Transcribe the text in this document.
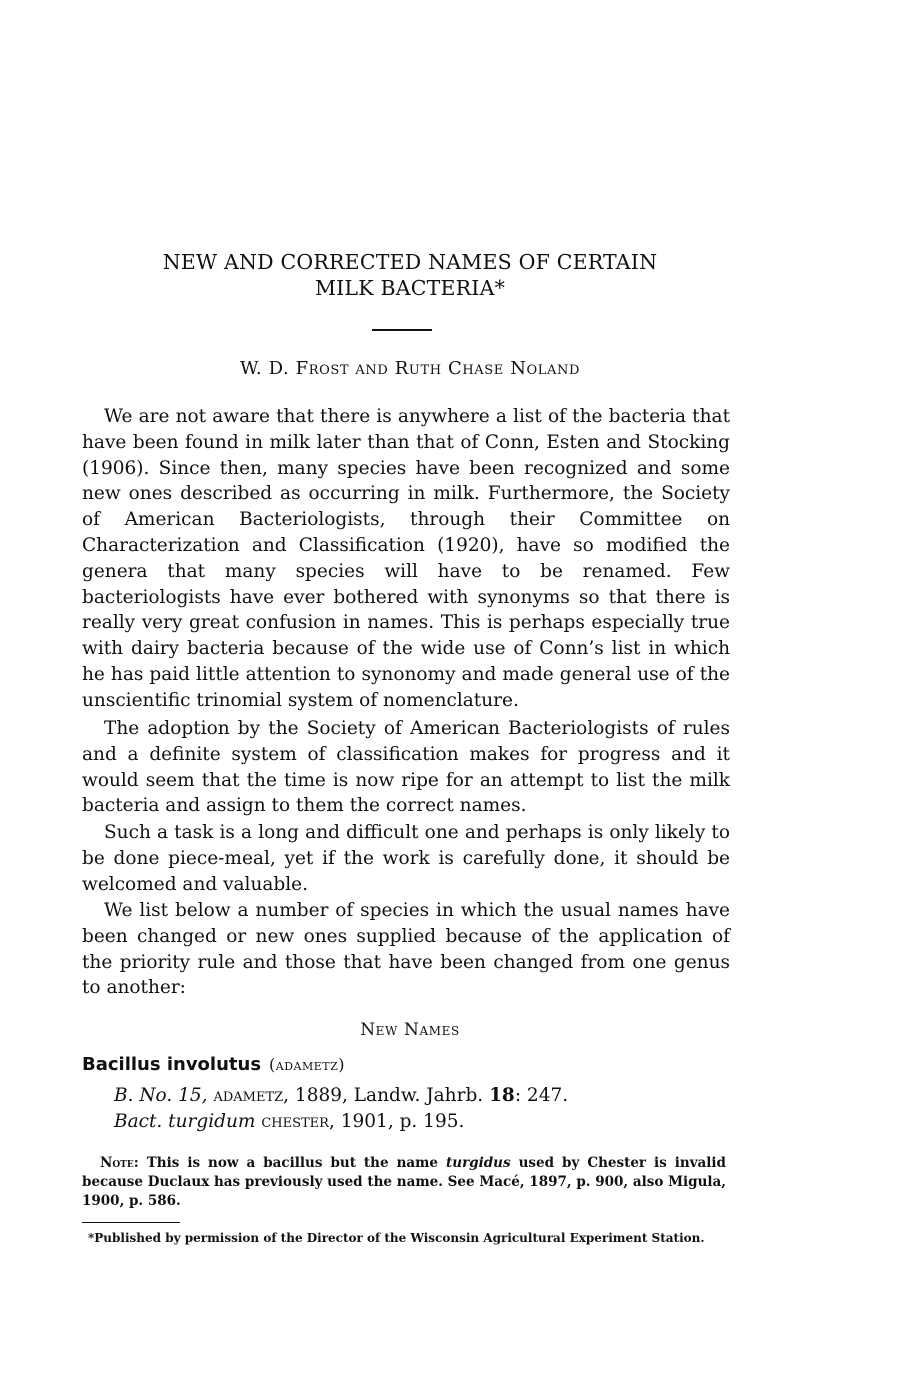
NEW AND CORRECTED NAMES OF CERTAIN
MILK BACTERIA*
W. D. Frost and Ruth Chase Noland

We are not aware that there is anywhere a list of the bacteria that have been found in milk later than that of Conn, Esten and Stocking (1906). Since then, many species have been recognized and some new ones described as occurring in milk. Furthermore, the Society of American Bacteriologists, through their Committee on Characterization and Classification (1920), have so modified the genera that many species will have to be renamed. Few bacteriologists have ever bothered with synonyms so that there is really very great confusion in names. This is perhaps especially true with dairy bacteria because of the wide use of Conn’s list in which he has paid little attention to synonomy and made general use of the unscientific trinomial system of nomenclature.

The adoption by the Society of American Bacteriologists of rules and a definite system of classification makes for progress and it would seem that the time is now ripe for an attempt to list the milk bacteria and assign to them the correct names.

Such a task is a long and difficult one and perhaps is only likely to be done piece-meal, yet if the work is carefully done, it should be welcomed and valuable.

We list below a number of species in which the usual names have been changed or new ones supplied because of the application of the priority rule and those that have been changed from one genus to another:

New Names
Bacillus involutus (adametz)
B. No. 15, adametz, 1889, Landw. Jahrb. 18: 247.
Bact. turgidum chester, 1901, p. 195.
Note: This is now a bacillus but the name turgidus used by Chester is invalid because Duclaux has previously used the name. See Macé, 1897, p. 900, also Migula, 1900, p. 586.
*Published by permission of the Director of the Wisconsin Agricultural Experiment Station.
